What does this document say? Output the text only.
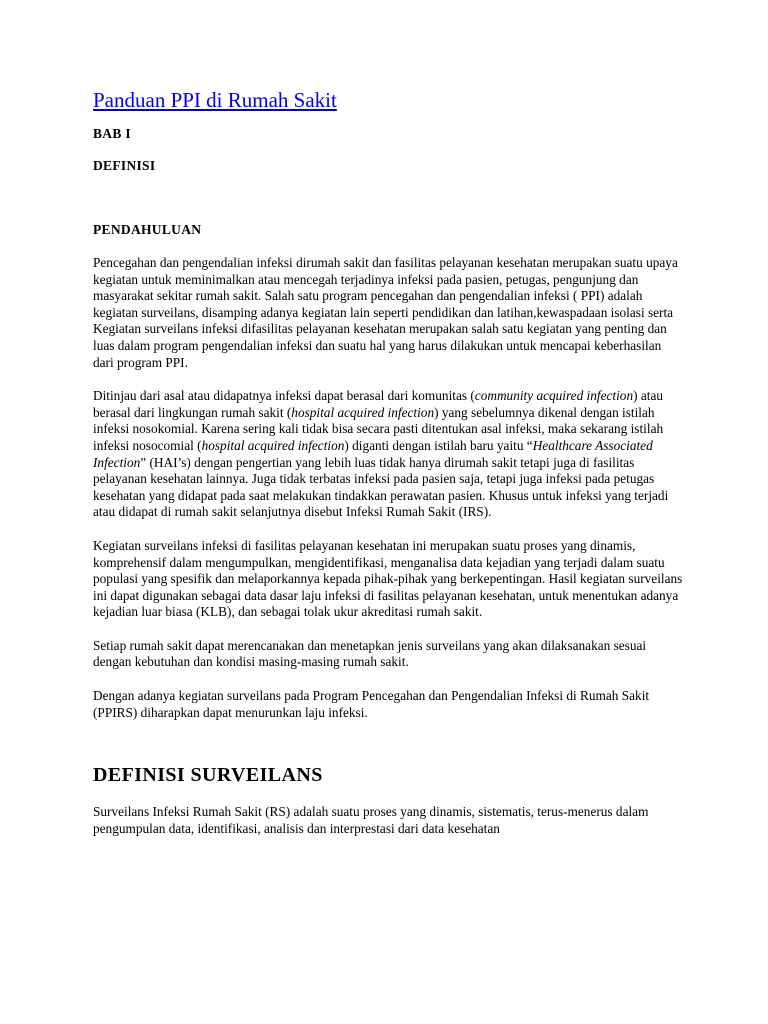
Panduan PPI di Rumah Sakit

BAB I

DEFINISI

PENDAHULUAN

Pencegahan dan pengendalian infeksi dirumah sakit dan fasilitas pelayanan kesehatan merupakan suatu upaya kegiatan untuk meminimalkan atau mencegah terjadinya infeksi pada pasien, petugas, pengunjung dan masyarakat sekitar rumah sakit. Salah satu program pencegahan dan pengendalian infeksi ( PPI) adalah kegiatan surveilans, disamping adanya kegiatan lain seperti pendidikan dan latihan,kewaspadaan isolasi serta Kegiatan surveilans infeksi difasilitas pelayanan kesehatan merupakan salah satu kegiatan yang penting dan luas dalam program pengendalian infeksi dan suatu hal yang harus dilakukan untuk mencapai keberhasilan dari program PPI.

Ditinjau dari asal atau didapatnya infeksi dapat berasal dari komunitas (community acquired infection) atau berasal dari lingkungan rumah sakit (hospital acquired infection) yang sebelumnya dikenal dengan istilah infeksi nosokomial. Karena sering kali tidak bisa secara pasti ditentukan asal infeksi, maka sekarang istilah infeksi nosocomial (hospital acquired infection) diganti dengan istilah baru yaitu “Healthcare Associated Infection” (HAI’s) dengan pengertian yang lebih luas tidak hanya dirumah sakit tetapi juga di fasilitas pelayanan kesehatan lainnya. Juga tidak terbatas infeksi pada pasien saja, tetapi juga infeksi pada petugas kesehatan yang didapat pada saat melakukan tindakkan perawatan pasien. Khusus untuk infeksi yang terjadi atau didapat di rumah sakit selanjutnya disebut Infeksi Rumah Sakit (IRS).

Kegiatan surveilans infeksi di fasilitas pelayanan kesehatan ini merupakan suatu proses yang dinamis, komprehensif dalam mengumpulkan, mengidentifikasi, menganalisa data kejadian yang terjadi dalam suatu populasi yang spesifik dan melaporkannya kepada pihak-pihak yang berkepentingan. Hasil kegiatan surveilans ini dapat digunakan sebagai data dasar laju infeksi di fasilitas pelayanan kesehatan, untuk menentukan adanya kejadian luar biasa (KLB), dan sebagai tolak ukur akreditasi rumah sakit.

Setiap rumah sakit dapat merencanakan dan menetapkan jenis surveilans yang akan dilaksanakan sesuai dengan kebutuhan dan kondisi masing-masing rumah sakit.

Dengan adanya kegiatan surveilans pada Program Pencegahan dan Pengendalian Infeksi di Rumah Sakit (PPIRS) diharapkan dapat menurunkan laju infeksi.

DEFINISI SURVEILANS

Surveilans Infeksi Rumah Sakit (RS) adalah suatu proses yang dinamis, sistematis, terus-menerus dalam pengumpulan data, identifikasi, analisis dan interprestasi dari data kesehatan
